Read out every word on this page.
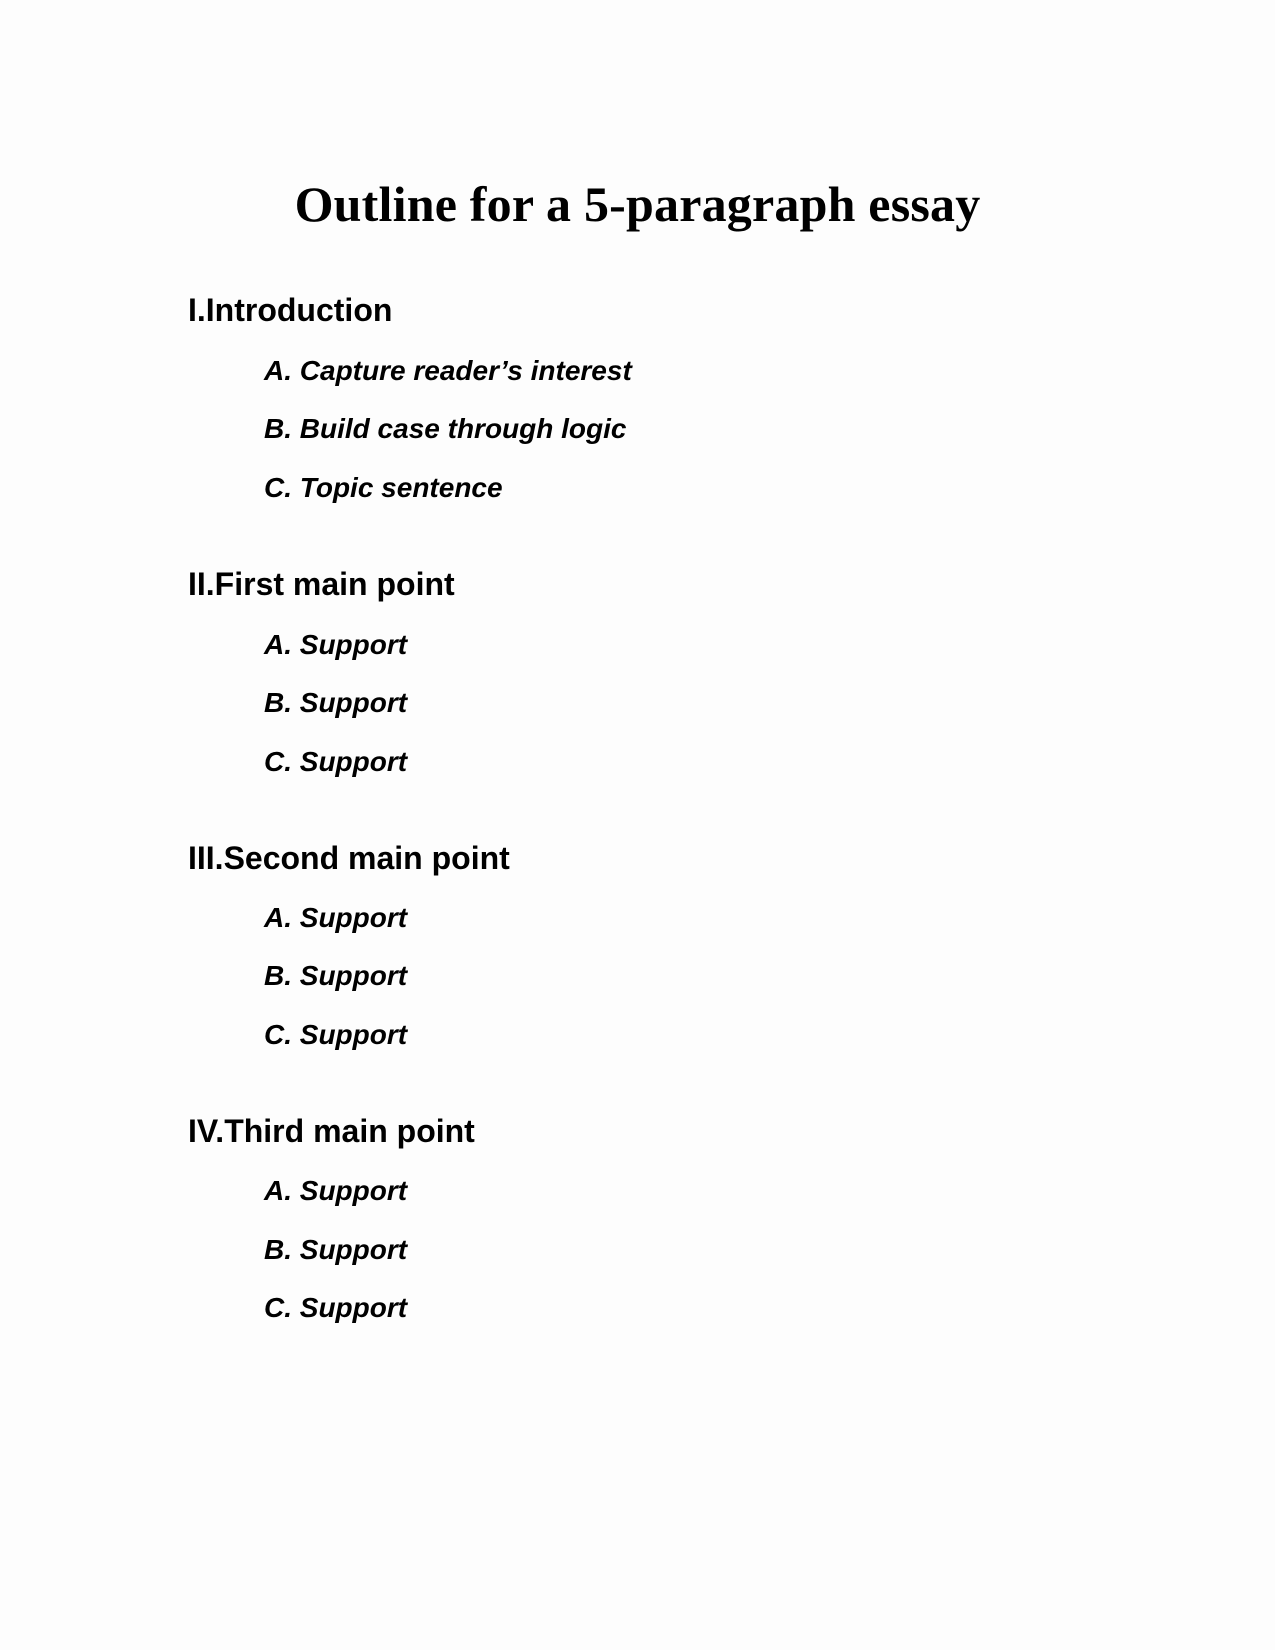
Outline for a 5-paragraph essay
I.Introduction

A. Capture reader’s interest

B. Build case through logic

C. Topic sentence

II.First main point

A. Support

B. Support

C. Support

III.Second main point

A. Support

B. Support

C. Support

IV.Third main point

A. Support

B. Support

C. Support
